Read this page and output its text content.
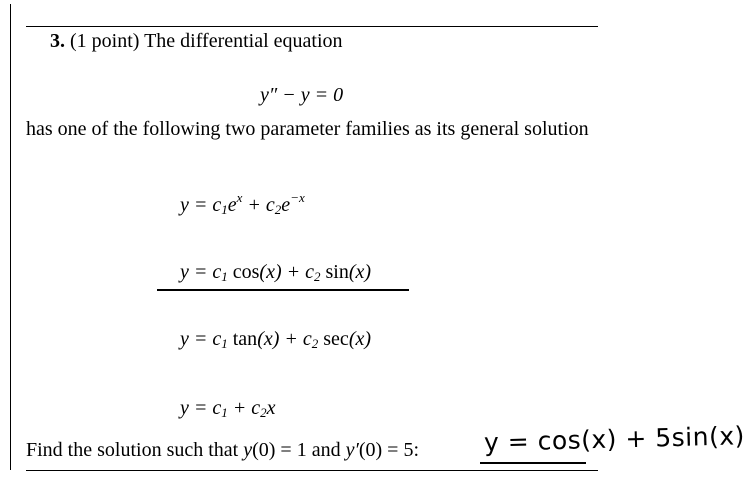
3. (1 point) The differential equation
y″ − y = 0
has one of the following two parameter families as its general solution
$y = c_1e^x + c_2e^{-x}$
$y = c_1$ $\cos(x) + c_2$ sin(x)
$y = c_1$ $\tan(x) + c_2$ sec(x)
$y = c_1 + c_2x$
Find the solution such that y(0) = 1 and y′(0) = 5:	y = cos(x) + 5sin(x)
